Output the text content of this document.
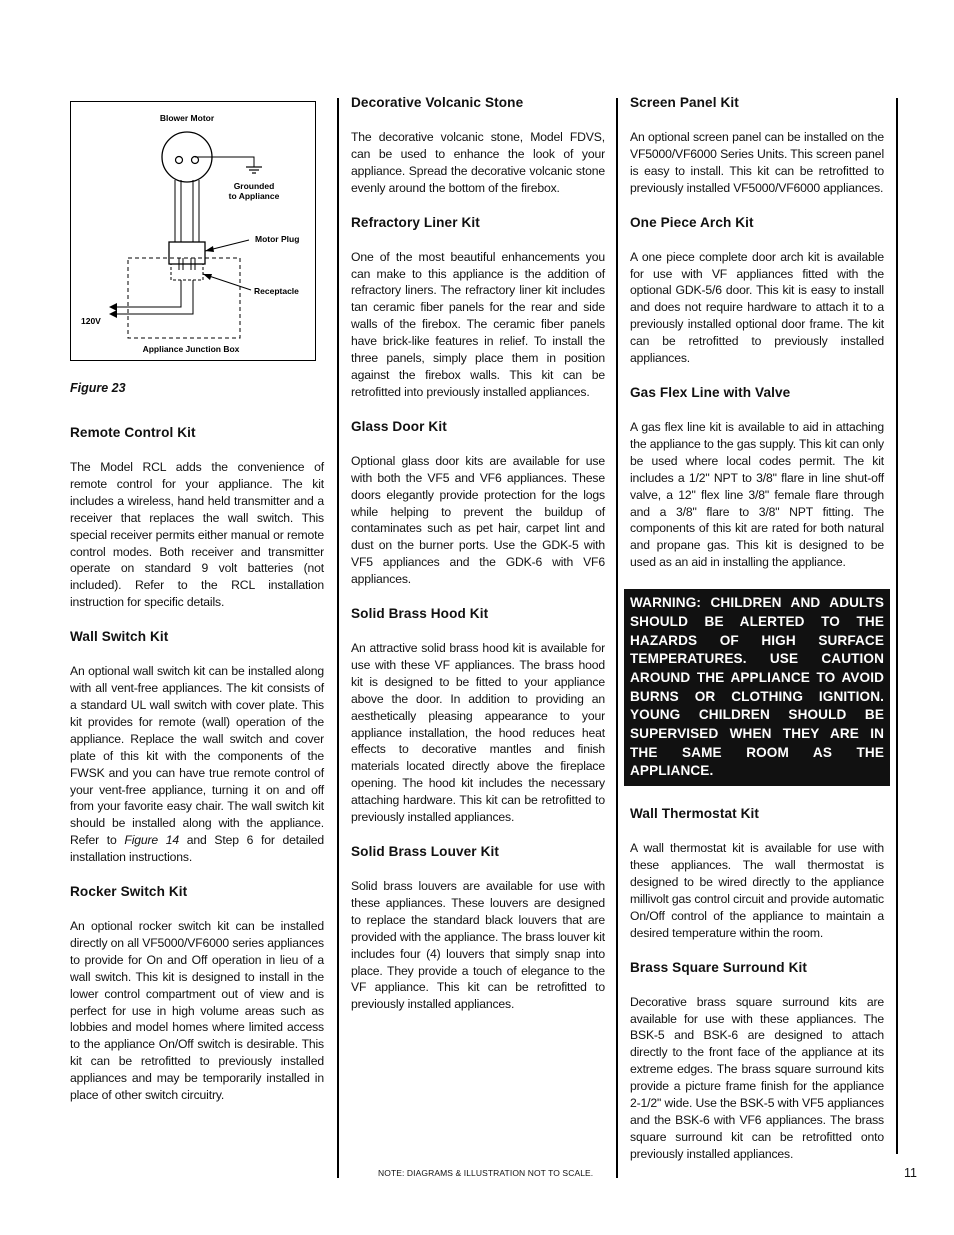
Blower Motor
Grounded
to Appliance
Motor Plug
Receptacle
120V
Appliance Junction Box
Figure 23
Remote Control Kit

The Model RCL adds the convenience of remote control for your appliance. The kit includes a wireless, hand held transmitter and a receiver that replaces the wall switch. This special receiver permits either manual or remote control modes. Both receiver and transmitter operate on standard 9 volt batteries (not included). Refer to the RCL installation instruction for specific details.

Wall Switch Kit

An optional wall switch kit can be installed along with all vent-free appliances. The kit consists of a standard UL wall switch with cover plate. This kit provides for remote (wall) operation of the appliance. Replace the wall switch and cover plate of this kit with the components of the FWSK and you can have true remote control of your vent-free appliance, turning it on and off from your favorite easy chair. The wall switch kit should be installed along with the appliance. Refer to Figure 14 and Step 6 for detailed installation instructions.

Rocker Switch Kit

An optional rocker switch kit can be installed directly on all VF5000/VF6000 series appliances to provide for On and Off operation in lieu of a wall switch. This kit is designed to install in the lower control compartment out of view and is perfect for use in high volume areas such as lobbies and model homes where limited access to the appliance On/Off switch is desirable. This kit can be retrofitted to previously installed appliances and may be temporarily installed in place of other switch circuitry.

Decorative Volcanic Stone

The decorative volcanic stone, Model FDVS, can be used to enhance the look of your appliance. Spread the decorative volcanic stone evenly around the bottom of the firebox.

Refractory Liner Kit

One of the most beautiful enhancements you can make to this appliance is the addition of refractory liners. The refractory liner kit includes tan ceramic fiber panels for the rear and side walls of the firebox. The ceramic fiber panels have brick-like features in relief. To install the three panels, simply place them in position against the firebox walls. This kit can be retrofitted into previously installed appliances.

Glass Door Kit

Optional glass door kits are available for use with both the VF5 and VF6 appliances. These doors elegantly provide protection for the logs while helping to prevent the buildup of contaminates such as pet hair, carpet lint and dust on the burner ports. Use the GDK-5 with VF5 appliances and the GDK-6 with VF6 appliances.

Solid Brass Hood Kit

An attractive solid brass hood kit is available for use with these VF appliances. The brass hood kit is designed to be fitted to your appliance above the door. In addition to providing an aesthetically pleasing appearance to your appliance installation, the hood reduces heat effects to decorative mantles and finish materials located directly above the fireplace opening. The hood kit includes the necessary attaching hardware. This kit can be retrofitted to previously installed appliances.

Solid Brass Louver Kit

Solid brass louvers are available for use with these appliances. These louvers are designed to replace the standard black louvers that are provided with the appliance. The brass louver kit includes four (4) louvers that simply snap into place. They provide a touch of elegance to the VF appliance. This kit can be retrofitted to previously installed appliances.

Screen Panel Kit

An optional screen panel can be installed on the VF5000/VF6000 Series Units. This screen panel is easy to install. This kit can be retrofitted to previously installed VF5000/VF6000 appliances.

One Piece Arch Kit

A one piece complete door arch kit is available for use with VF appliances fitted with the optional GDK-5/6 door. This kit is easy to install and does not require hardware to attach it to a previously installed optional door frame. The kit can be retrofitted to previously installed appliances.

Gas Flex Line with Valve

A gas flex line kit is available to aid in attaching the appliance to the gas supply. This kit can only be used where local codes permit. The kit includes a 1/2" NPT to 3/8" flare in line shut-off valve, a 12" flex line 3/8" female flare through and a 3/8" flare to 3/8" NPT fitting. The components of this kit are rated for both natural and propane gas. This kit is designed to be used as an aid in installing the appliance.

WARNING: CHILDREN AND ADULTS SHOULD BE ALERTED TO THE HAZARDS OF HIGH SURFACE TEMPERATURES. USE CAUTION AROUND THE APPLIANCE TO AVOID BURNS OR CLOTHING IGNITION. YOUNG CHILDREN SHOULD BE SUPERVISED WHEN THEY ARE IN THE SAME ROOM AS THE APPLIANCE.
Wall Thermostat Kit

A wall thermostat kit is available for use with these appliances. The wall thermostat is designed to be wired directly to the appliance millivolt gas control circuit and provide automatic On/Off control of the appliance to maintain a desired temperature within the room.

Brass Square Surround Kit

Decorative brass square surround kits are available for use with these appliances. The BSK-5 and BSK-6 are designed to attach directly to the front face of the appliance at its extreme edges. The brass square surround kits provide a picture frame finish for the appliance 2-1/2" wide. Use the BSK-5 with VF5 appliances and the BSK-6 with VF6 appliances. The brass square surround kit can be retrofitted onto previously installed appliances.

NOTE: DIAGRAMS & ILLUSTRATION NOT TO SCALE.	11
